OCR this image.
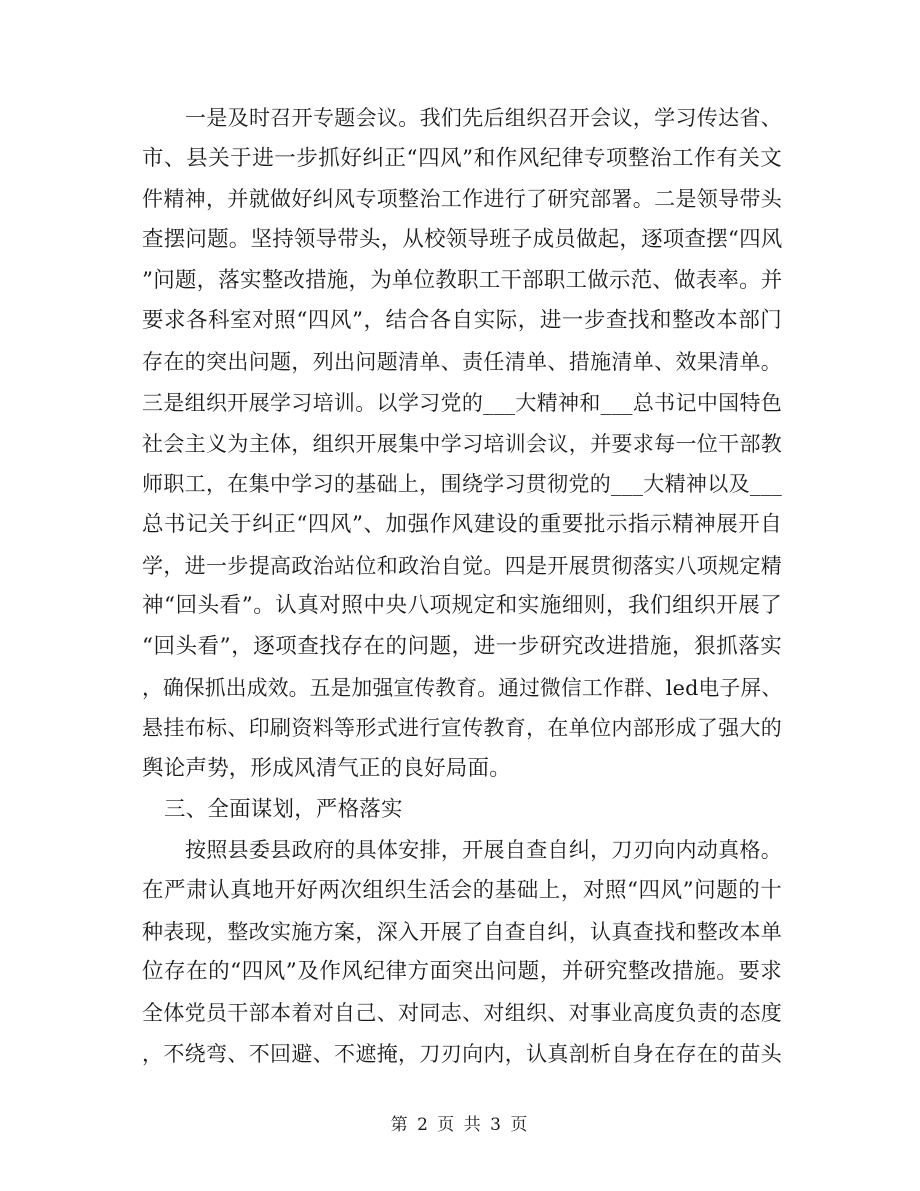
一是及时召开专题会议。我们先后组织召开会议，学习传达省、
市、县关于进一步抓好纠正“四风”和作风纪律专项整治工作有关文
件精神，并就做好纠风专项整治工作进行了研究部署。二是领导带头
查摆问题。坚持领导带头，从校领导班子成员做起，逐项查摆“四风
”问题，落实整改措施，为单位教职工干部职工做示范、做表率。并
要求各科室对照“四风”，结合各自实际，进一步查找和整改本部门
存在的突出问题，列出问题清单、责任清单、措施清单、效果清单。
三是组织开展学习培训。以学习党的___大精神和___总书记中国特色
社会主义为主体，组织开展集中学习培训会议，并要求每一位干部教
师职工，在集中学习的基础上，围绕学习贯彻党的___大精神以及___
总书记关于纠正“四风”、加强作风建设的重要批示指示精神展开自
学，进一步提高政治站位和政治自觉。四是开展贯彻落实八项规定精
神“回头看”。认真对照中央八项规定和实施细则，我们组织开展了
“回头看”，逐项查找存在的问题，进一步研究改进措施，狠抓落实
，确保抓出成效。五是加强宣传教育。通过微信工作群、led电子屏、
悬挂布标、印刷资料等形式进行宣传教育，在单位内部形成了强大的
舆论声势，形成风清气正的良好局面。
三、全面谋划，严格落实
按照县委县政府的具体安排，开展自查自纠，刀刃向内动真格。
在严肃认真地开好两次组织生活会的基础上，对照“四风”问题的十
种表现，整改实施方案，深入开展了自查自纠，认真查找和整改本单
位存在的“四风”及作风纪律方面突出问题，并研究整改措施。要求
全体党员干部本着对自己、对同志、对组织、对事业高度负责的态度
，不绕弯、不回避、不遮掩，刀刃向内，认真剖析自身在存在的苗头
第 2 页 共 3 页
